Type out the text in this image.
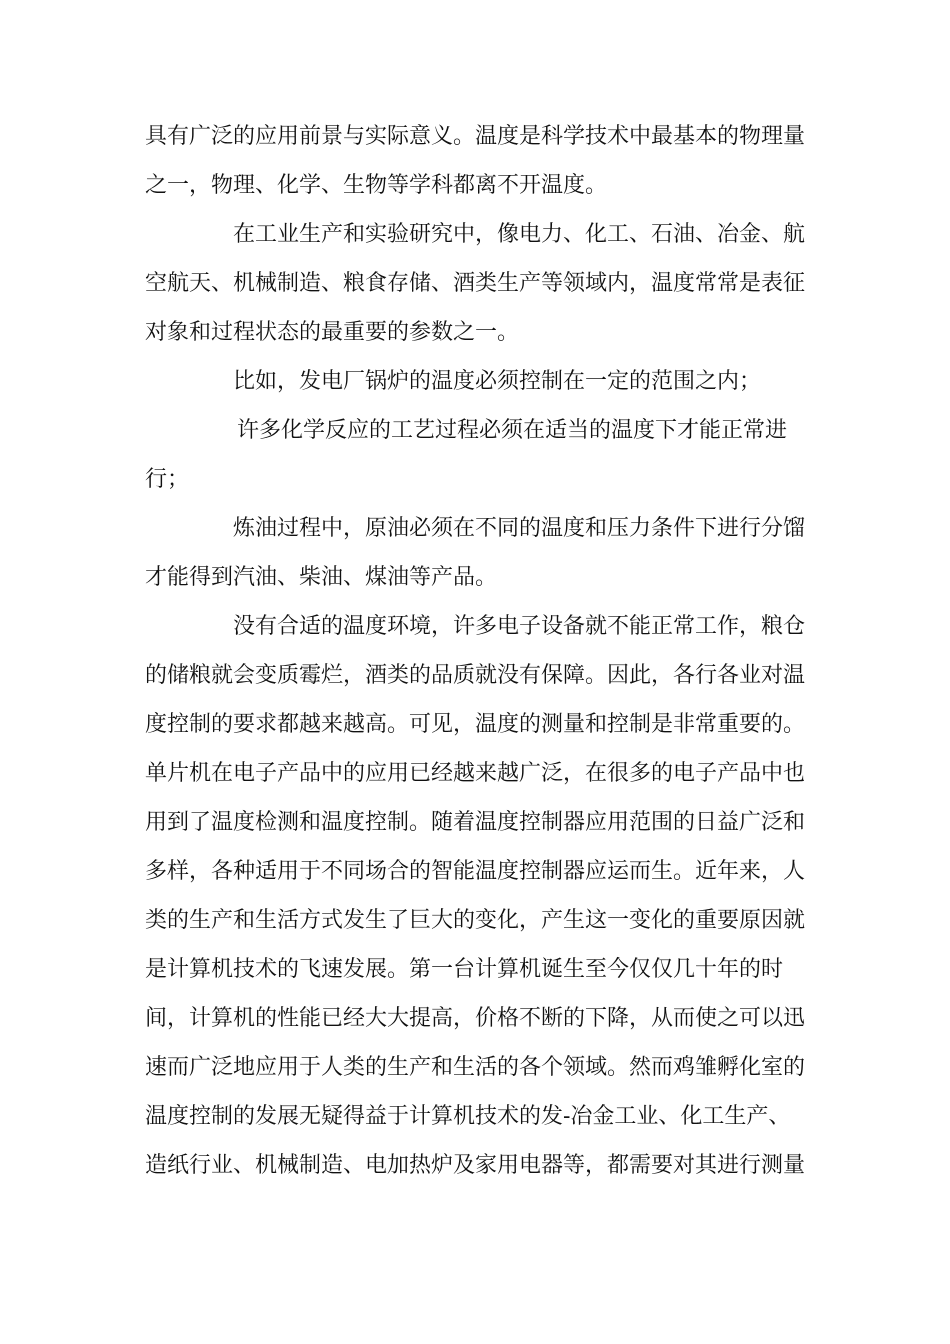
具有广泛的应用前景与实际意义。温度是科学技术中最基本的物理量
之一，物理、化学、生物等学科都离不开温度。
在工业生产和实验研究中，像电力、化工、石油、冶金、航
空航天、机械制造、粮食存储、酒类生产等领域内，温度常常是表征
对象和过程状态的最重要的参数之一。
比如，发电厂锅炉的温度必须控制在一定的范围之内；
许多化学反应的工艺过程必须在适当的温度下才能正常进
行；
炼油过程中，原油必须在不同的温度和压力条件下进行分馏
才能得到汽油、柴油、煤油等产品。
没有合适的温度环境，许多电子设备就不能正常工作，粮仓
的储粮就会变质霉烂，酒类的品质就没有保障。因此，各行各业对温
度控制的要求都越来越高。可见，温度的测量和控制是非常重要的。
单片机在电子产品中的应用已经越来越广泛，在很多的电子产品中也
用到了温度检测和温度控制。随着温度控制器应用范围的日益广泛和
多样，各种适用于不同场合的智能温度控制器应运而生。近年来，人
类的生产和生活方式发生了巨大的变化，产生这一变化的重要原因就
是计算机技术的飞速发展。第一台计算机诞生至今仅仅几十年的时
间，计算机的性能已经大大提高，价格不断的下降，从而使之可以迅
速而广泛地应用于人类的生产和生活的各个领域。然而鸡雏孵化室的
温度控制的发展无疑得益于计算机技术的发-冶金工业、化工生产、
造纸行业、机械制造、电加热炉及家用电器等，都需要对其进行测量
